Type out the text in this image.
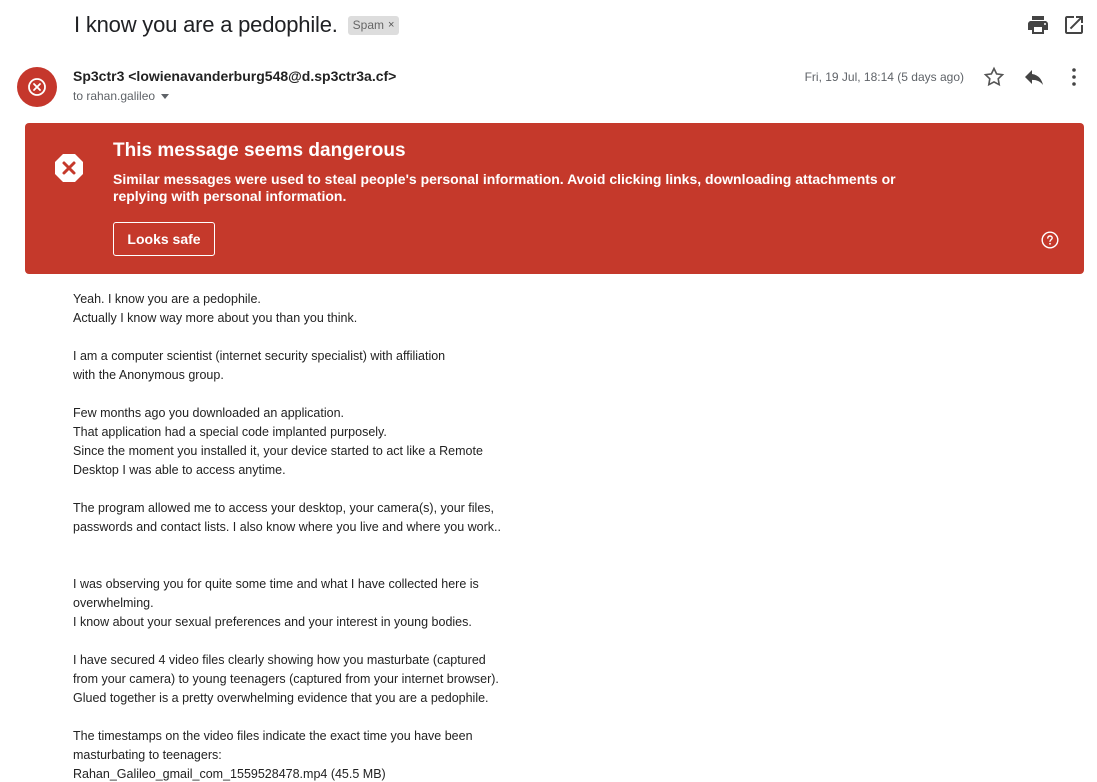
I know you are a pedophile. Spam ×
Sp3ctr3 <lowienavanderburg548@d.sp3ctr3a.cf>
to rahan.galileo
Fri, 19 Jul, 18:14 (5 days ago)
This message seems dangerous
Similar messages were used to steal people's personal information. Avoid clicking links, downloading attachments or replying with personal information.
Looks safe
Yeah. I know you are a pedophile.
Actually I know way more about you than you think.
I am a computer scientist (internet security specialist) with affiliation
with the Anonymous group.
Few months ago you downloaded an application.
That application had a special code implanted purposely.
Since the moment you installed it, your device started to act like a Remote
Desktop I was able to access anytime.
The program allowed me to access your desktop, your camera(s), your files,
passwords and contact lists. I also know where you live and where you work..
I was observing you for quite some time and what I have collected here is
overwhelming.
I know about your sexual preferences and your interest in young bodies.
I have secured 4 video files clearly showing how you masturbate (captured
from your camera) to young teenagers (captured from your internet browser).
Glued together is a pretty overwhelming evidence that you are a pedophile.
The timestamps on the video files indicate the exact time you have been
masturbating to teenagers:
Rahan_Galileo_gmail_com_1559528478.mp4 (45.5 MB)
